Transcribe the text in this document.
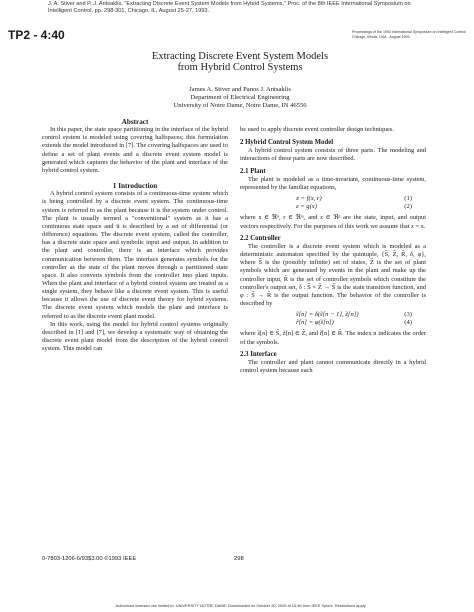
J. A. Stiver and P. J. Antsaklis, "Extracting Discrete Event System Models from Hybrid Systems," Proc. of the 8th IEEE International Symposium on Intelligent Control, pp. 298-301, Chicago, IL, August 25-27, 1993.
TP2 - 4:40	Proceedings of the 1993 International Symposium on Intelligent Control Chicago, Illinois, USA - August 1993
Extracting Discrete Event System Models
from Hybrid Control Systems
James A. Stiver and Panos J. Antsaklis
Department of Electrical Engineering
University of Notre Dame, Notre Dame, IN 46556

Abstract

In this paper, the state space partitioning in the interface of the hybrid control system is modeled using covering halfspaces; this formulation extends the model introduced in [7]. The covering halfspaces are used to define a set of plant events and a discrete event system model is generated which captures the behavior of the plant and interface of the hybrid control system.

1 Introduction

A hybrid control system consists of a continuous-time system which is being controlled by a discrete event system. The continuous-time system is referred to as the plant because it is the system under control. The plant is usually termed a "conventional" system as it has a continuous state space and it is described by a set of differential (or difference) equations. The discrete event system, called the controller, has a discrete state space and symbolic input and output. In addition to the plant and controller, there is an interface which provides communication between them. The interface generates symbols for the controller as the state of the plant moves through a partitioned state space. It also converts symbols from the controller into plant inputs. When the plant and interface of a hybrid control system are treated as a single system, they behave like a discrete event system. This is useful because it allows the use of discrete event theory for hybrid systems. The discrete event system which models the plant and interface is referred to as the discrete event plant model.

In this work, using the model for hybrid control systems originally described in [1] and [7], we develop a systematic way of obtaining the discrete event plant model from the description of the hybrid control system. This model can

be used to apply discrete event controller design techniques.

2 Hybrid Control System Model

A hybrid control system consists of three parts. The modeling and interactions of these parts are now described.

2.1 Plant

The plant is modeled as a time-invariant, continuous-time system, represented by the familiar equations,

ẋ = f(x, r)	(1)
z = g(x)	(2)

where x ∈ ℜⁿ, r ∈ ℜᵐ, and z ∈ ℜᵖ are the state, input, and output vectors respectively. For the purposes of this work we assume that z = x.

2.2 Controller

The controller is a discrete event system which is modeled as a deterministic automaton specified by the quintuple, {S̃, Z̃, R̃, δ, φ}, where S̃ is the (possibly infinite) set of states, Z̃ is the set of plant symbols which are generated by events in the plant and make up the controller input, R̃ is the set of controller symbols which constitute the controller's output set, δ : S̃ × Z̃ → S̃ is the state transition function, and φ : S̃ → R̃ is the output function. The behavior of the controller is described by

s̃[n] = δ(s̃[n − 1], z̃[n])	(3)
r̃[n] = φ(s̃[n])	(4)

where s̃[n] ∈ S̃, z̃[n] ∈ Z̃, and r̃[n] ∈ R̃. The index n indicates the order of the symbols.

2.3 Interface

The controller and plant cannot communicate directly in a hybrid control system because each

0-7803-1206-6/93$3.00 ©1993 IEEE	298
Authorized licensed use limited to: UNIVERSITY NOTRE DAME. Downloaded on October 20, 2009 at 15:46 from IEEE Xplore. Restrictions apply.
